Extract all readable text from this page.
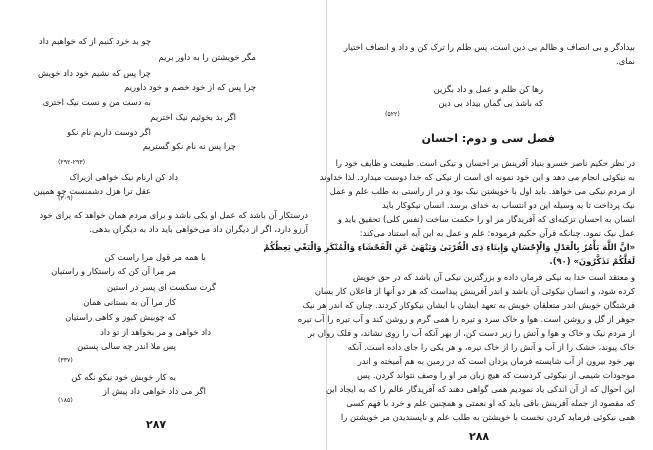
چو بد خرد کنیم از که خواهیم داد
مگر خویشتن را به داور بریم
چرا پس که نشیم خود داد خویش
چرا پس که از خود خصم و خود داوریم
به دست من و نست نیک اختری
اگر بد بخوئیم نیک اختریم
اگر دوست داریم نام نکو
چرا پس نه نام نکو گستریم
(۲۹۲-۲۹۳)
داد کن ارنام نیک خواهی ازیراک
عقل ترا هزل دشمنست چو همیین
(۳۰۹)
درستکار آن باشد که عمل او یکی باشد و برای مردم همان خواهد که برای خود
آرزو دارد، اگر از دیگران داد می‌خواهی باید داد به دیگران بدهی.
با همه مر قول مرا راست کن
مر مرا آن کن که راستکار و راستیان
گرت سکست ای پسر در استین
کار مرا آن به بستانی همان
که چوبیش کبوز و کاهی راستیان
داد خواهی و مر بخواهد از تو داد
پس ملا اندر چه سالی پستین
(۳۳۷)
به کار خویش خود نیکو نگه کن
اگر می داد خواهی داد پیش از
(۱۸۵)
۲۸۷
بیدادگر و بی انصاف و ظالم بی دین است، پس ظلم را ترک کن و داد و انصاف اختیار
نمای.
رها کن ظلم و عمل و داد بگزین
که باشد بی گمان بیداد بی دین
(۵۲۲)
فصل سی و دوم: احسان
در نظر حکیم ناصر خسرو بنیاد آفرینش بر احسان و نیکی است. طبیعت و ظایف خود را
به نیکوئی انجام می دهد و این خود نمونه ای است از نیکی که خدا دوست میدارد. لذا خداوند
از مردم نیکی می خواهد. باید اول با خویشتن نیک بود و در از راستی به طلب علم و عمل
نیک پرداخت تا به وسیله این دو انتساب به خدای برسد. انسان نیکوکار باید
انسان به احسان تزکیه‌ای که آفریدگار مر او را حکمت ساخت (نفس کلی) تحقیق باید و
عمل نیک نمود. چنانکه قرآن حکیم فرموده: علم و عمل به این آیه استناد می‌کند:
«انَّ اللَّهَ یَأْمُرُ بِالْعَدْلِ وَالْإِحْسَانِ وَإِیتَاءِ ذِی الْقُرْبَىٰ وَیَنْهَىٰ عَنِ الْفَحْشَاءِ وَالْمُنْکَرِ وَالْبَغْیِ یَعِظُکُمْ
لَعَلَّکُمْ تَذَکَّرُونَ» (۹۰).
و معتقد است خدا به نیکی فرمان داده و بزرگترین نیکی آن باشد که در حق خویش
کرده شود، و انسان نیکوئی آن باشد و اندر آفرینش پیداست که هر دو آنها از فاعلان کار بسان
فرشتگان خویش اندر متعلقان خویش به تعهد ایشان با ایشان نیکوکار کردند. چنان که اندر هر نیک
جوهر از گل و روشن است. هوا و خاک سرد و تیره را همی گرم و روشن کند و آب تیره را آب تیره
از مردم نیک و خاک و هوا و آتش را زیر دست کن، از بهر آنکه آب را روی نشاند، و فلک روان بر
خاک پیوند، خشک را از آب و آتش را از خاک تیره، و هر یکی را جای داده است. آنکه
بهر خود بیرون از آب شایسته فرمان یزدان است که در زمین به هم آمیخته و اندر
موجودات شیمی از نیکوئی کردست که هیچ زبان مر او را وصف نتواند کردن. پس
این احوال که از آن اندکی یاد نمودیم همی گواهی دهند که آفریدگار عالم را که به ایجاد این
که مقصود از جمله آفرینش باقی باید که او نعمتی و همچنین علم و خرد با فهم کسی
همی نیکوئی فرماید کردن نخست با خویشتن به طلب علم و ناپسندیدن مر خویشتن را
۲۸۸
